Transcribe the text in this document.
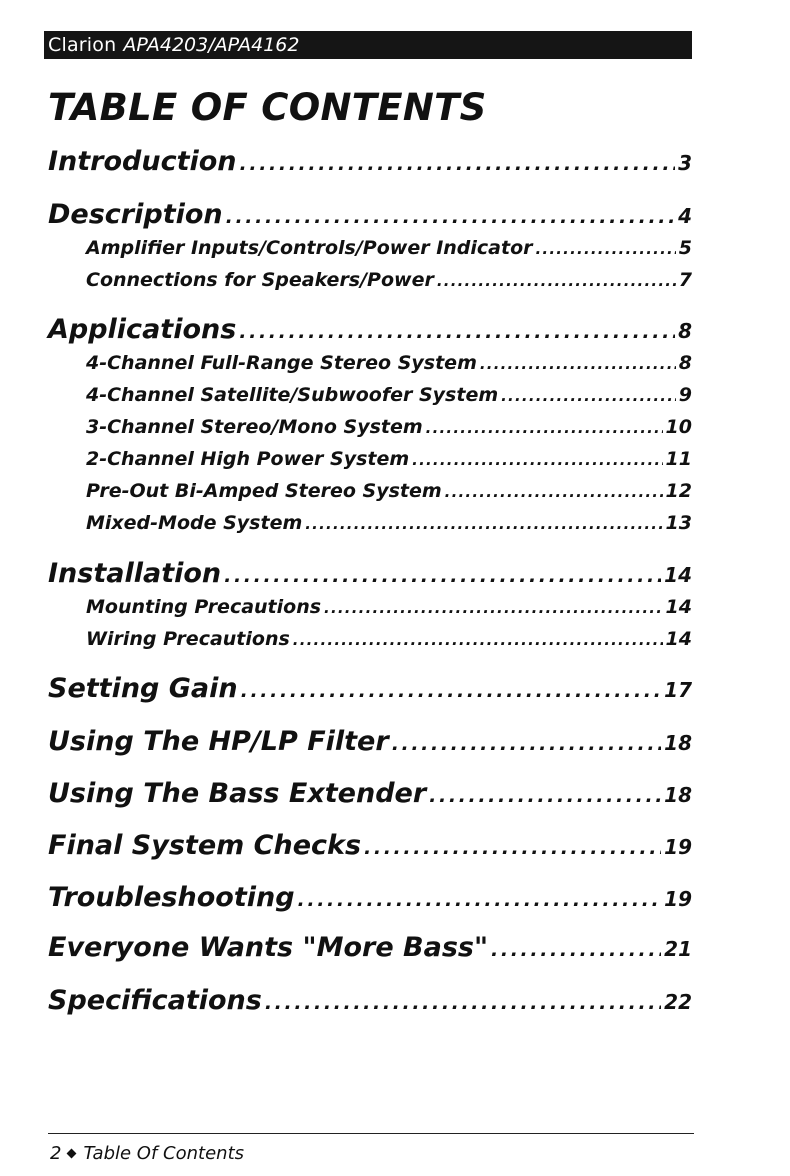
Clarion APA4203/APA4162
TABLE OF CONTENTS
Introduction . . .	3
Description . . .	4
Amplifier Inputs/Controls/Power Indicator . . .	5
Connections for Speakers/Power . . .	7
Applications . . .	8
4-Channel Full-Range Stereo System . . .	8
4-Channel Satellite/Subwoofer System . . .	9
3-Channel Stereo/Mono System . . .	10
2-Channel High Power System . . .	11
Pre-Out Bi-Amped Stereo System . . .	12
Mixed-Mode System . . .	13
Installation . . .	14
Mounting Precautions . . .	14
Wiring Precautions . . .	14
Setting Gain . . .	17
Using The HP/LP Filter . . .	18
Using The Bass Extender . . .	18
Final System Checks . . .	19
Troubleshooting . . .	19
Everyone Wants "More Bass" . . .	21
Specifications . . .	22
2 Table Of Contents
